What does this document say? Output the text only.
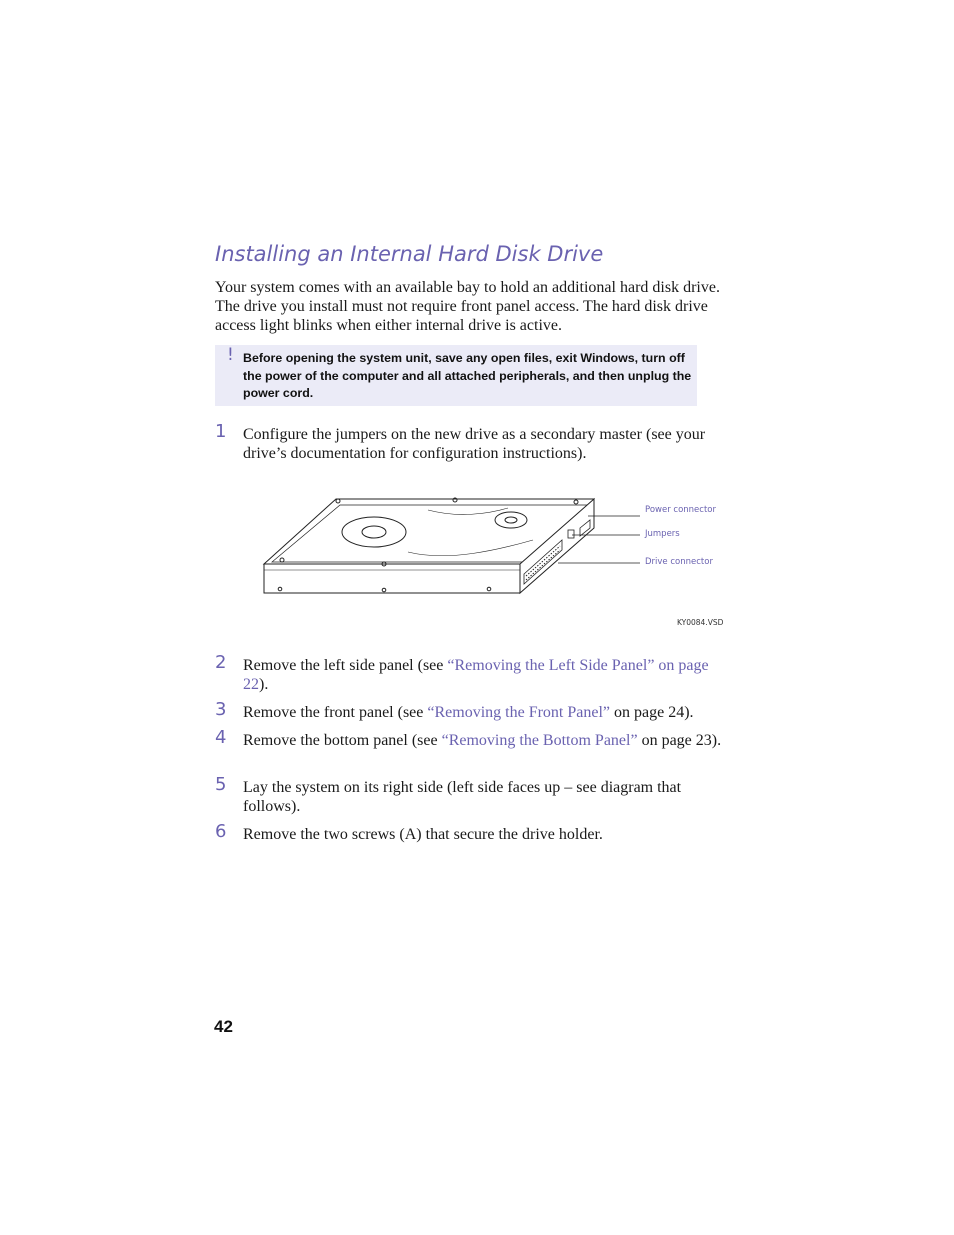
Installing an Internal Hard Disk Drive

Your system comes with an available bay to hold an additional hard disk drive. The drive you install must not require front panel access. The hard disk drive access light blinks when either internal drive is active.

! Before opening the system unit, save any open files, exit Windows, turn off the power of the computer and all attached peripherals, and then unplug the power cord.
1 Configure the jumpers on the new drive as a secondary master (see your drive’s documentation for configuration instructions).
Power connector
Jumpers
Drive connector
KY0084.VSD
2 Remove the left side panel (see “Removing the Left Side Panel” on page 22).
3 Remove the front panel (see “Removing the Front Panel” on page 24).
4 Remove the bottom panel (see “Removing the Bottom Panel” on page 23).
5 Lay the system on its right side (left side faces up – see diagram that follows).
6 Remove the two screws (A) that secure the drive holder.
42
